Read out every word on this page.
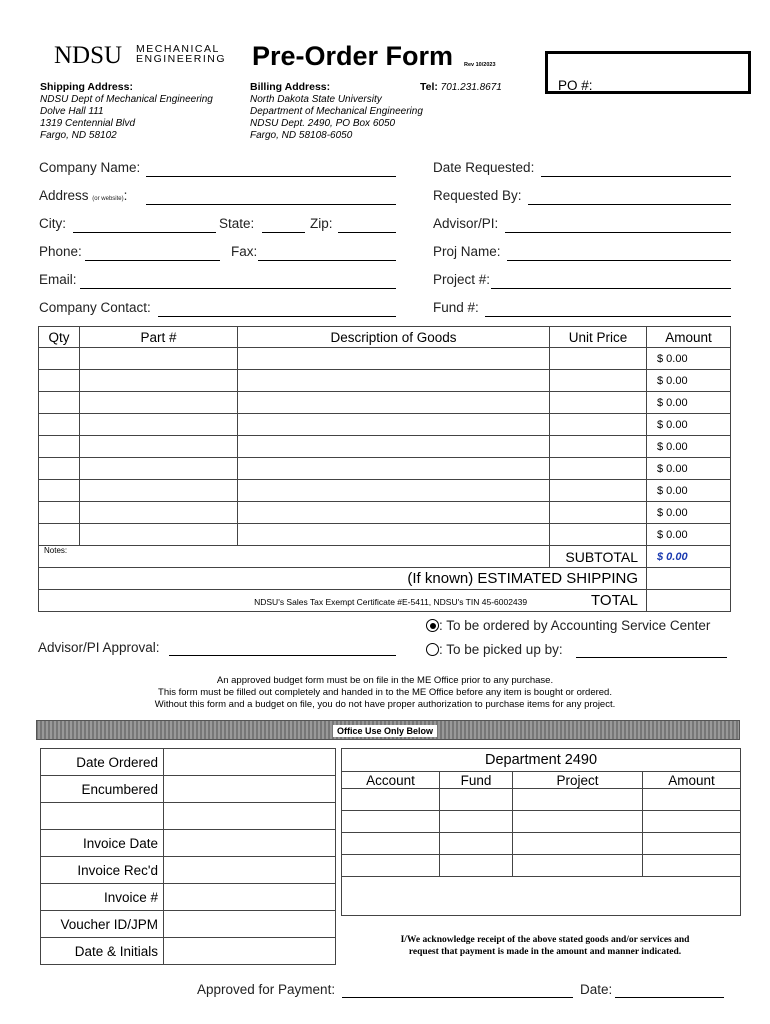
NDSU MECHANICAL
ENGINEERING Pre-Order Form Rev 10/2023
PO #:
Shipping Address:
NDSU Dept of Mechanical Engineering
Dolve Hall 111
1319 Centennial Blvd
Fargo, ND 58102
Billing Address:
North Dakota State University
Department of Mechanical Engineering
NDSU Dept. 2490, PO Box 6050
Fargo, ND 58108-6050
Tel: 701.231.8671
Company Name:
Address (or website):
City:	State:	Zip:
Phone:	Fax:
Email:
Company Contact:
Date Requested:
Requested By:
Advisor/PI:
Proj Name:
Project #:
Fund #:
Qty	Part #	Description of Goods	Unit Price	Amount
				$ 0.00
				$ 0.00
				$ 0.00
				$ 0.00
				$ 0.00
				$ 0.00
				$ 0.00
				$ 0.00
				$ 0.00
Notes:			SUBTOTAL	$ 0.00
(If known) ESTIMATED SHIPPING				
NDSU's Sales Tax Exempt Certificate #E-5411, NDSU's TIN 45-6002439 TOTAL				
Advisor/PI Approval:
: To be ordered by Accounting Service Center
: To be picked up by:
An approved budget form must be on file in the ME Office prior to any purchase.
This form must be filled out completely and handed in to the ME Office before any item is bought or ordered.
Without this form and a budget on file, you do not have proper authorization to purchase items for any project.
Office Use Only Below
Date Ordered	
Encumbered	

Invoice Date	
Invoice Rec'd	
Invoice #	
Voucher ID/JPM	
Date & Initials	
Department 2490			
Account	Fund	Project	Amount

I/We acknowledge receipt of the above stated goods and/or services and
request that payment is made in the amount and manner indicated.
Approved for Payment:	Date:
